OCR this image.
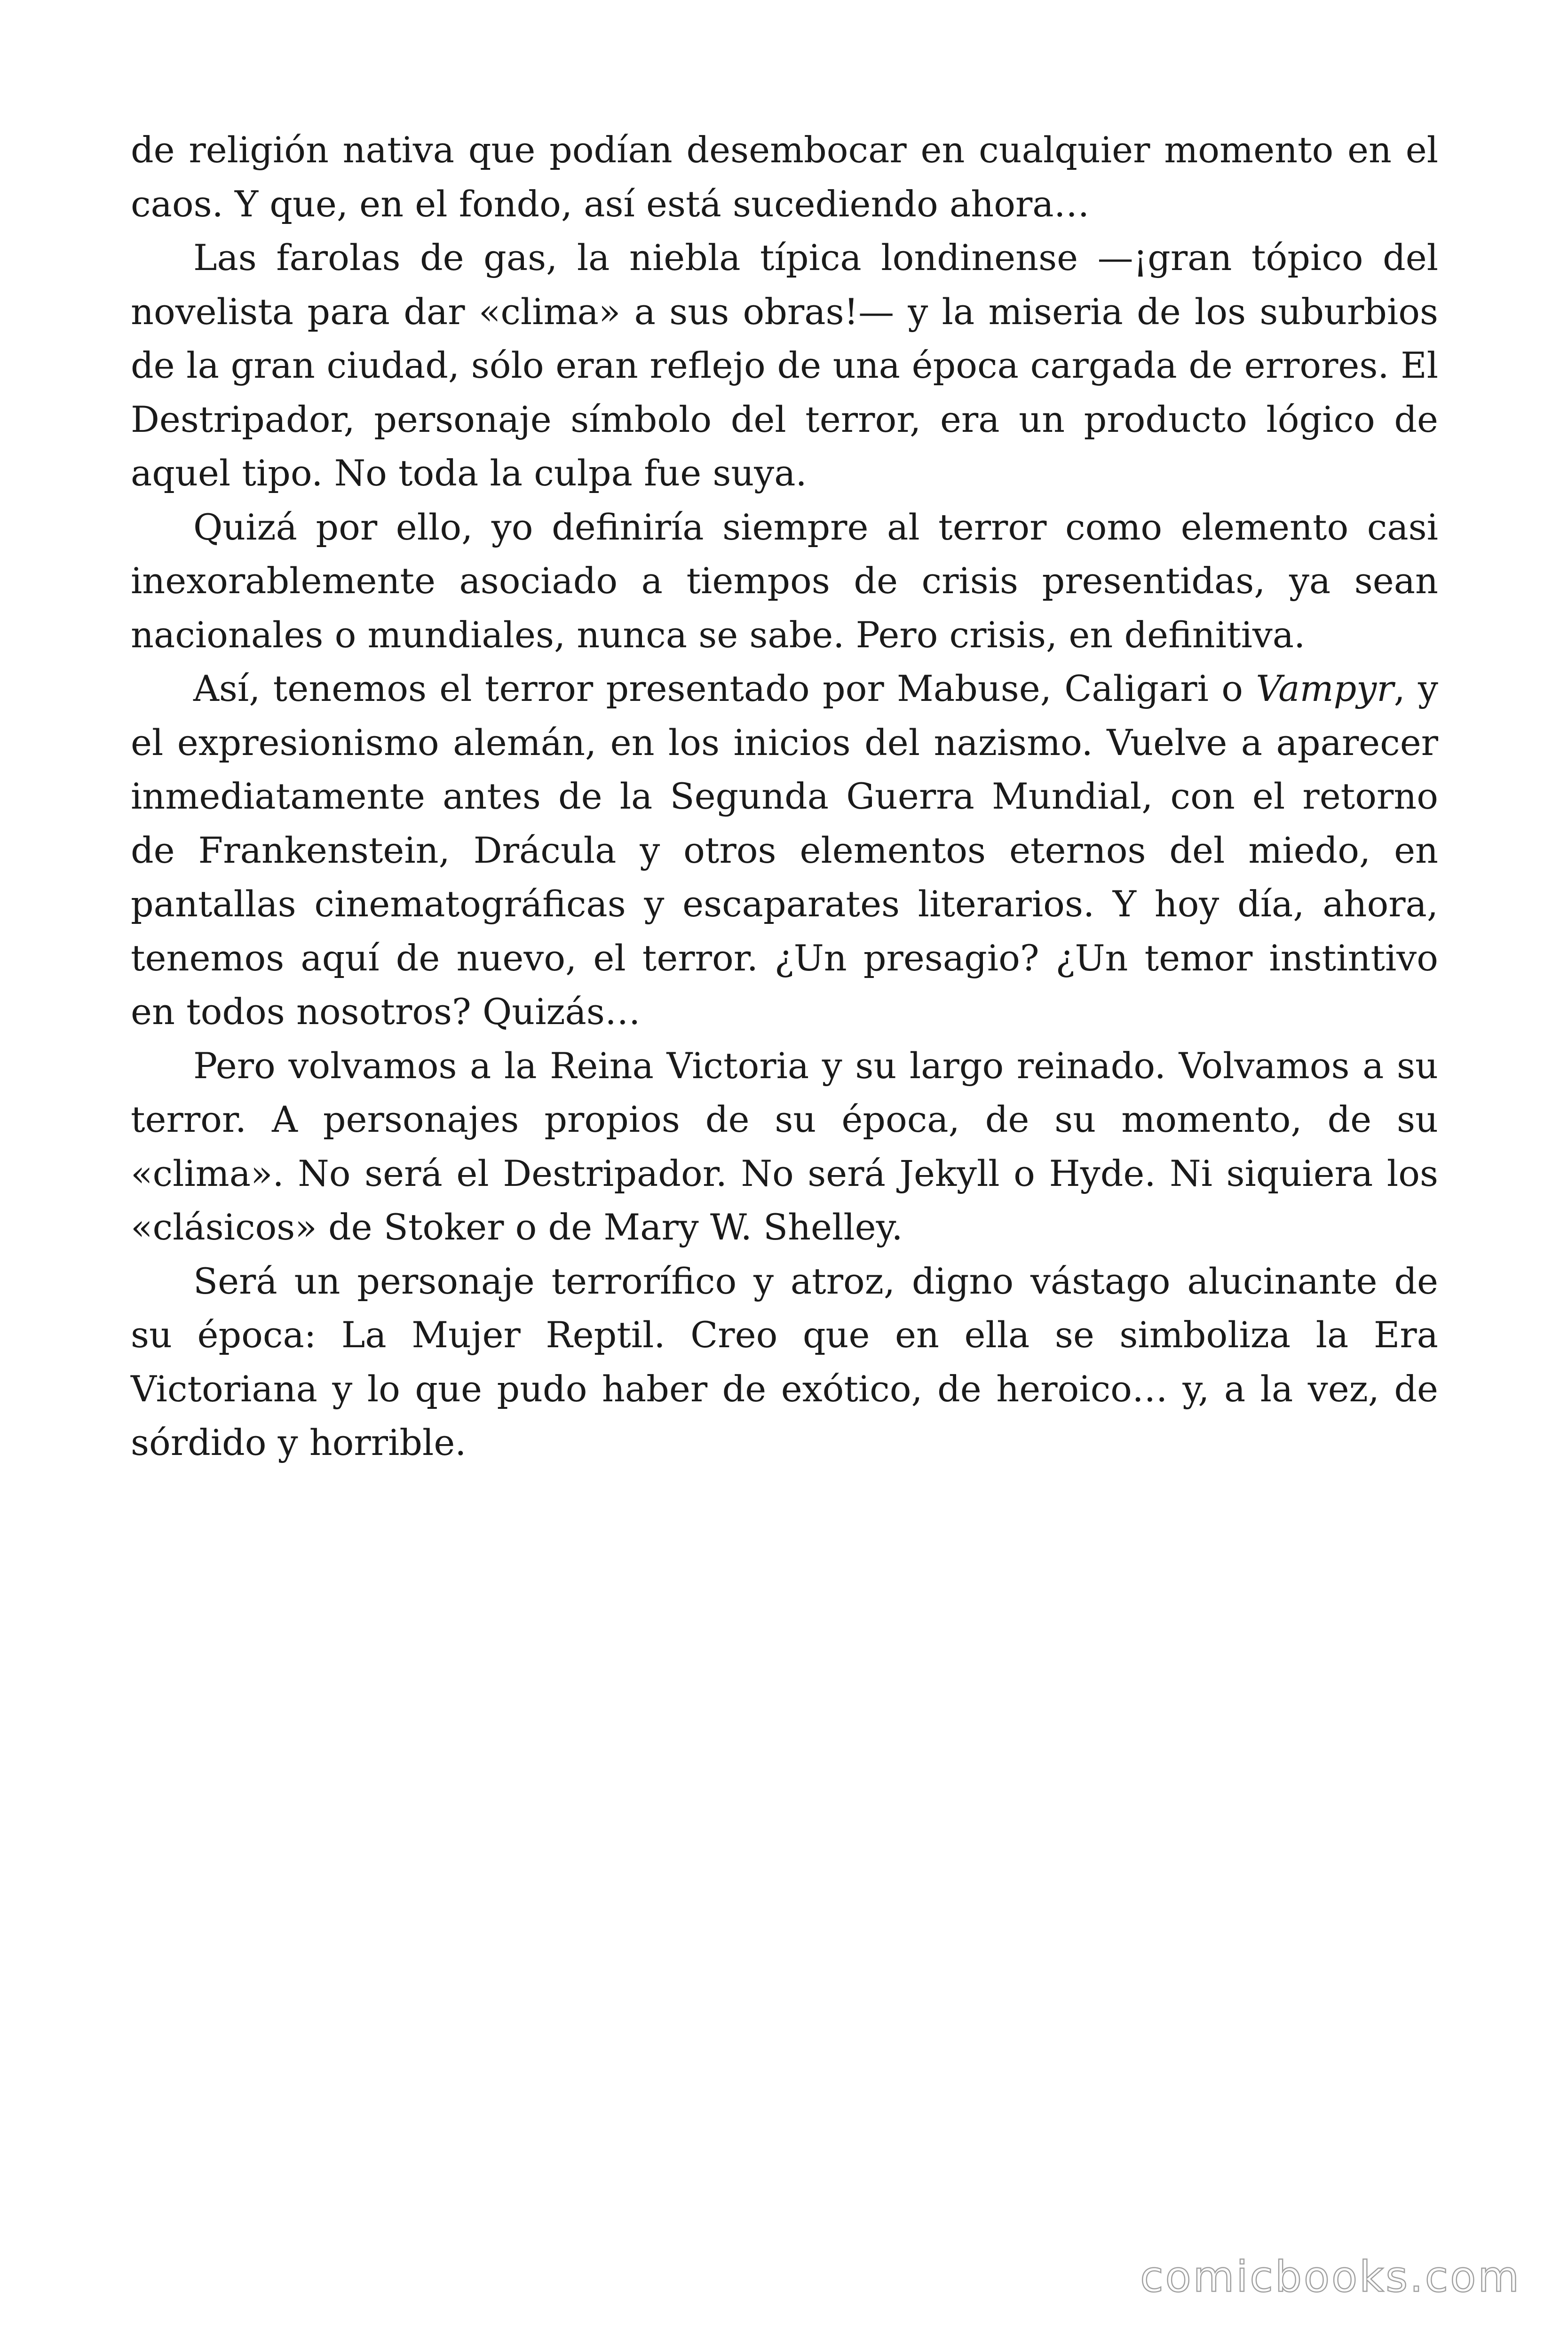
de religión nativa que podían desembocar en cualquier momento en el caos. Y que, en el fondo, así está sucediendo ahora…

Las farolas de gas, la niebla típica londinense —¡gran tópico del novelista para dar «clima» a sus obras!— y la miseria de los suburbios de la gran ciudad, sólo eran reflejo de una época cargada de errores. El Destripador, personaje símbolo del terror, era un producto lógico de aquel tipo. No toda la culpa fue suya.

Quizá por ello, yo definiría siempre al terror como elemento casi inexorablemente asociado a tiempos de crisis presentidas, ya sean nacionales o mundiales, nunca se sabe. Pero crisis, en definitiva.

Así, tenemos el terror presentado por Mabuse, Caligari o Vampyr, y el expresionismo alemán, en los inicios del nazismo. Vuelve a aparecer inmediatamente antes de la Segunda Guerra Mundial, con el retorno de Frankenstein, Drácula y otros elementos eternos del miedo, en pantallas cinematográficas y escaparates literarios. Y hoy día, ahora, tenemos aquí de nuevo, el terror. ¿Un presagio? ¿Un temor instintivo en todos nosotros? Quizás…

Pero volvamos a la Reina Victoria y su largo reinado. Volvamos a su terror. A personajes propios de su época, de su momento, de su «clima». No será el Destripador. No será Jekyll o Hyde. Ni siquiera los «clásicos» de Stoker o de Mary W. Shelley.

Será un personaje terrorífico y atroz, digno vástago alucinante de su época: La Mujer Reptil. Creo que en ella se simboliza la Era Victoriana y lo que pudo haber de exótico, de heroico… y, a la vez, de sórdido y horrible.

comicbooks.com
